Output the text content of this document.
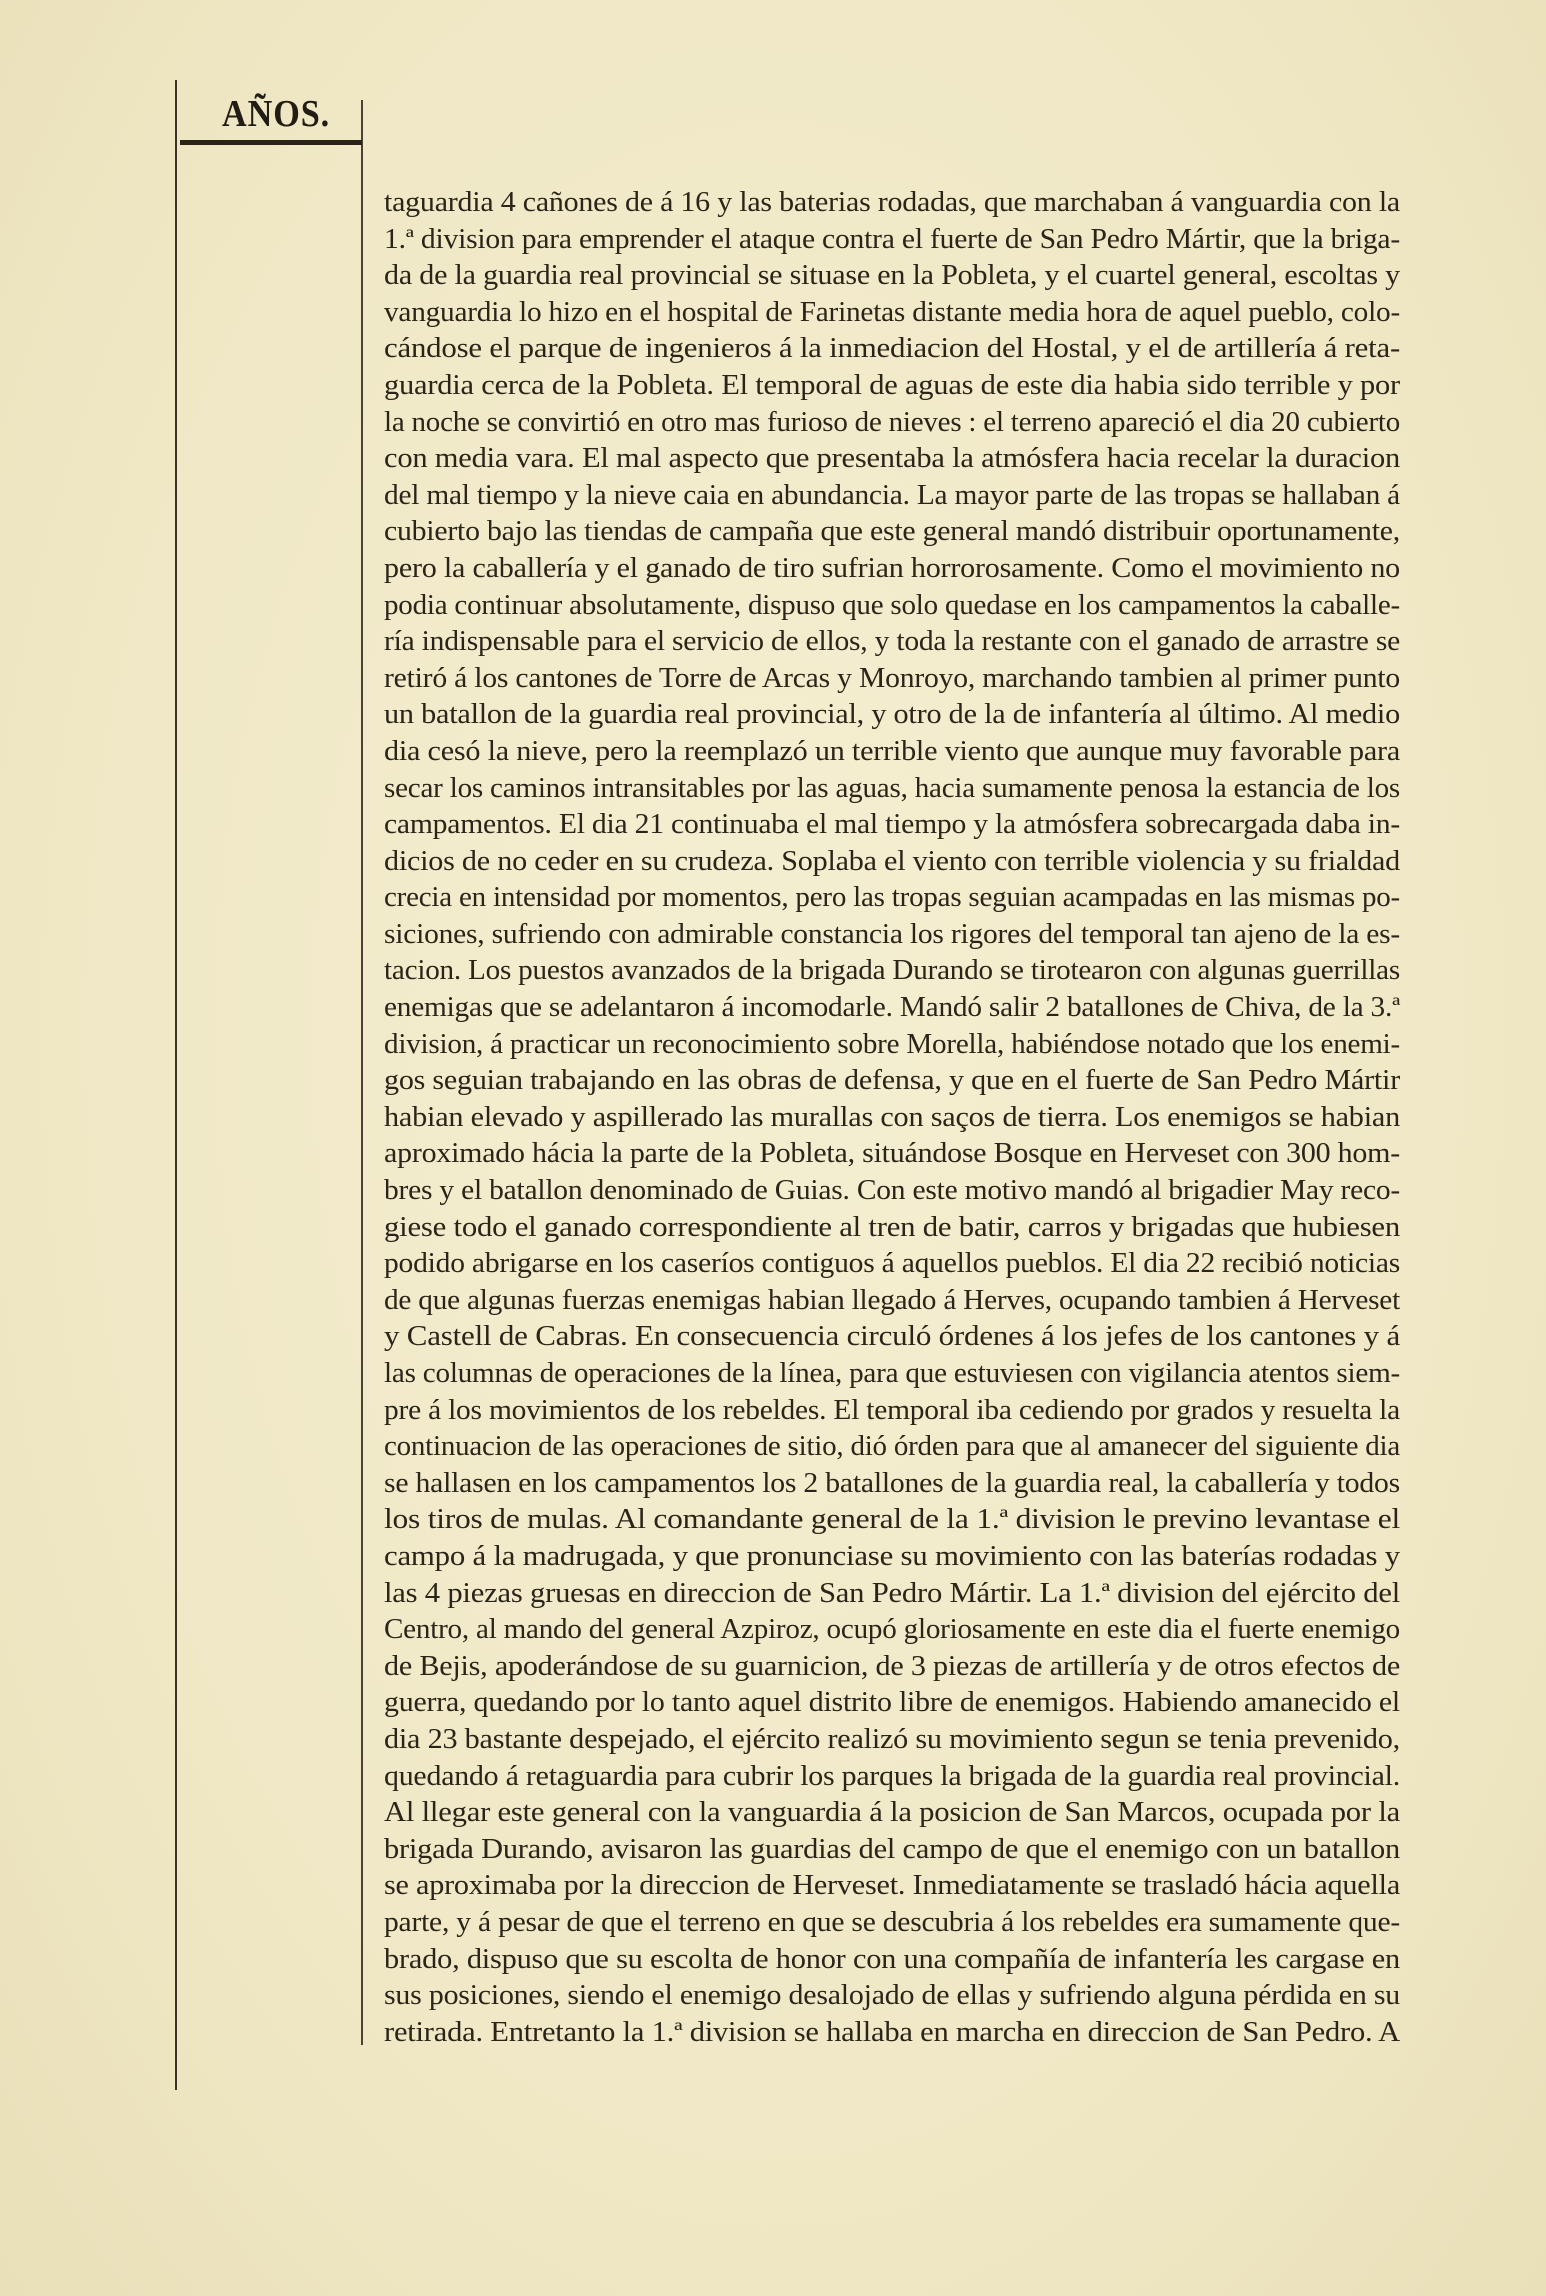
AÑOS.
taguardia 4 cañones de á 16 y las baterias rodadas, que marchaban á vanguardia con la
1.ª division para emprender el ataque contra el fuerte de San Pedro Mártir, que la briga-
da de la guardia real provincial se situase en la Pobleta, y el cuartel general, escoltas y
vanguardia lo hizo en el hospital de Farinetas distante media hora de aquel pueblo, colo-
cándose el parque de ingenieros á la inmediacion del Hostal, y el de artillería á reta-
guardia cerca de la Pobleta. El temporal de aguas de este dia habia sido terrible y por
la noche se convirtió en otro mas furioso de nieves : el terreno apareció el dia 20 cubierto
con media vara. El mal aspecto que presentaba la atmósfera hacia recelar la duracion
del mal tiempo y la nieve caia en abundancia. La mayor parte de las tropas se hallaban á
cubierto bajo las tiendas de campaña que este general mandó distribuir oportunamente,
pero la caballería y el ganado de tiro sufrian horrorosamente. Como el movimiento no
podia continuar absolutamente, dispuso que solo quedase en los campamentos la caballe-
ría indispensable para el servicio de ellos, y toda la restante con el ganado de arrastre se
retiró á los cantones de Torre de Arcas y Monroyo, marchando tambien al primer punto
un batallon de la guardia real provincial, y otro de la de infantería al último. Al medio
dia cesó la nieve, pero la reemplazó un terrible viento que aunque muy favorable para
secar los caminos intransitables por las aguas, hacia sumamente penosa la estancia de los
campamentos. El dia 21 continuaba el mal tiempo y la atmósfera sobrecargada daba in-
dicios de no ceder en su crudeza. Soplaba el viento con terrible violencia y su frialdad
crecia en intensidad por momentos, pero las tropas seguian acampadas en las mismas po-
siciones, sufriendo con admirable constancia los rigores del temporal tan ajeno de la es-
tacion. Los puestos avanzados de la brigada Durando se tirotearon con algunas guerrillas
enemigas que se adelantaron á incomodarle. Mandó salir 2 batallones de Chiva, de la 3.ª
division, á practicar un reconocimiento sobre Morella, habiéndose notado que los enemi-
gos seguian trabajando en las obras de defensa, y que en el fuerte de San Pedro Mártir
habian elevado y aspillerado las murallas con saços de tierra. Los enemigos se habian
aproximado hácia la parte de la Pobleta, situándose Bosque en Herveset con 300 hom-
bres y el batallon denominado de Guias. Con este motivo mandó al brigadier May reco-
giese todo el ganado correspondiente al tren de batir, carros y brigadas que hubiesen
podido abrigarse en los caseríos contiguos á aquellos pueblos. El dia 22 recibió noticias
de que algunas fuerzas enemigas habian llegado á Herves, ocupando tambien á Herveset
y Castell de Cabras. En consecuencia circuló órdenes á los jefes de los cantones y á
las columnas de operaciones de la línea, para que estuviesen con vigilancia atentos siem-
pre á los movimientos de los rebeldes. El temporal iba cediendo por grados y resuelta la
continuacion de las operaciones de sitio, dió órden para que al amanecer del siguiente dia
se hallasen en los campamentos los 2 batallones de la guardia real, la caballería y todos
los tiros de mulas. Al comandante general de la 1.ª division le previno levantase el
campo á la madrugada, y que pronunciase su movimiento con las baterías rodadas y
las 4 piezas gruesas en direccion de San Pedro Mártir. La 1.ª division del ejército del
Centro, al mando del general Azpiroz, ocupó gloriosamente en este dia el fuerte enemigo
de Bejis, apoderándose de su guarnicion, de 3 piezas de artillería y de otros efectos de
guerra, quedando por lo tanto aquel distrito libre de enemigos. Habiendo amanecido el
dia 23 bastante despejado, el ejército realizó su movimiento segun se tenia prevenido,
quedando á retaguardia para cubrir los parques la brigada de la guardia real provincial.
Al llegar este general con la vanguardia á la posicion de San Marcos, ocupada por la
brigada Durando, avisaron las guardias del campo de que el enemigo con un batallon
se aproximaba por la direccion de Herveset. Inmediatamente se trasladó hácia aquella
parte, y á pesar de que el terreno en que se descubria á los rebeldes era sumamente que-
brado, dispuso que su escolta de honor con una compañía de infantería les cargase en
sus posiciones, siendo el enemigo desalojado de ellas y sufriendo alguna pérdida en su
retirada. Entretanto la 1.ª division se hallaba en marcha en direccion de San Pedro. A
